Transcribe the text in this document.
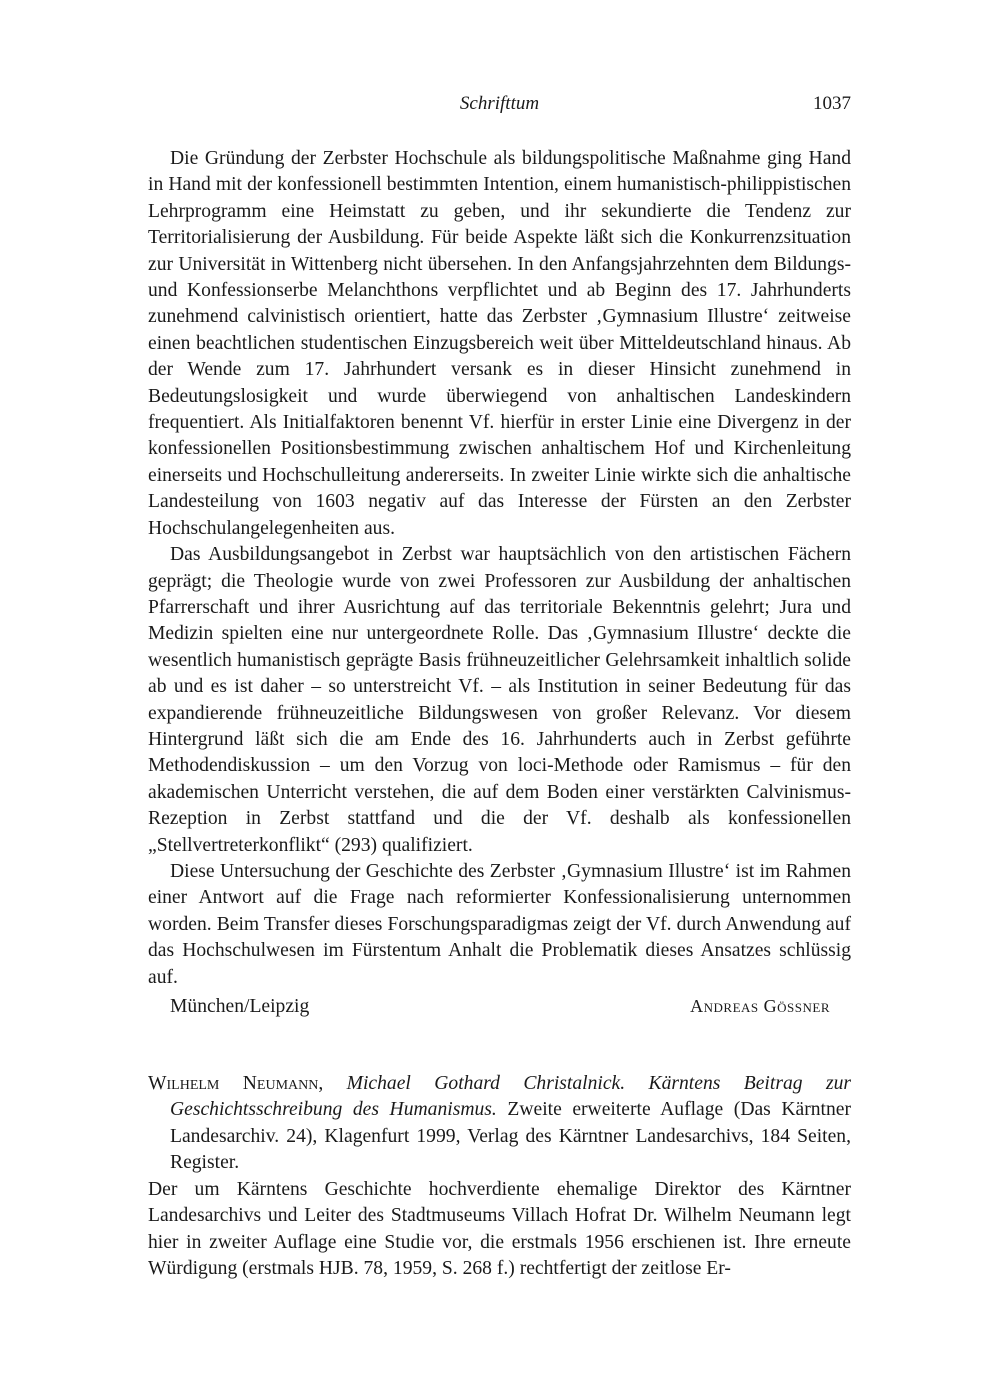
Schrifttum	1037

Die Gründung der Zerbster Hochschule als bildungspolitische Maßnahme ging Hand in Hand mit der konfessionell bestimmten Intention, einem humanistisch-philippistischen Lehrprogramm eine Heimstatt zu geben, und ihr sekundierte die Tendenz zur Territorialisierung der Ausbildung. Für beide Aspekte läßt sich die Konkurrenzsituation zur Universität in Wittenberg nicht übersehen. In den Anfangsjahrzehnten dem Bildungs- und Konfessionserbe Melanchthons verpflichtet und ab Beginn des 17. Jahrhunderts zunehmend calvinistisch orientiert, hatte das Zerbster ‚Gymnasium Illustre‘ zeitweise einen beachtlichen studentischen Einzugsbereich weit über Mitteldeutschland hinaus. Ab der Wende zum 17. Jahrhundert versank es in dieser Hinsicht zunehmend in Bedeutungslosigkeit und wurde überwiegend von anhaltischen Landeskindern frequentiert. Als Initialfaktoren benennt Vf. hierfür in erster Linie eine Divergenz in der konfessionellen Positionsbestimmung zwischen anhaltischem Hof und Kirchenleitung einerseits und Hochschulleitung andererseits. In zweiter Linie wirkte sich die anhaltische Landesteilung von 1603 negativ auf das Interesse der Fürsten an den Zerbster Hochschulangelegenheiten aus.

Das Ausbildungsangebot in Zerbst war hauptsächlich von den artistischen Fächern geprägt; die Theologie wurde von zwei Professoren zur Ausbildung der anhaltischen Pfarrerschaft und ihrer Ausrichtung auf das territoriale Bekenntnis gelehrt; Jura und Medizin spielten eine nur untergeordnete Rolle. Das ‚Gymnasium Illustre‘ deckte die wesentlich humanistisch geprägte Basis frühneuzeitlicher Gelehrsamkeit inhaltlich solide ab und es ist daher – so unterstreicht Vf. – als Institution in seiner Bedeutung für das expandierende frühneuzeitliche Bildungswesen von großer Relevanz. Vor diesem Hintergrund läßt sich die am Ende des 16. Jahrhunderts auch in Zerbst geführte Methodendiskussion – um den Vorzug von loci-Methode oder Ramismus – für den akademischen Unterricht verstehen, die auf dem Boden einer verstärkten Calvinismus-Rezeption in Zerbst stattfand und die der Vf. deshalb als konfessionellen „Stellvertreterkonflikt“ (293) qualifiziert.

Diese Untersuchung der Geschichte des Zerbster ‚Gymnasium Illustre‘ ist im Rahmen einer Antwort auf die Frage nach reformierter Konfessionalisierung unternommen worden. Beim Transfer dieses Forschungsparadigmas zeigt der Vf. durch Anwendung auf das Hochschulwesen im Fürstentum Anhalt die Problematik dieses Ansatzes schlüssig auf.

München/Leipzig	Andreas Gössner
Wilhelm Neumann, Michael Gothard Christalnick. Kärntens Beitrag zur Geschichtsschreibung des Humanismus. Zweite erweiterte Auflage (Das Kärntner Landesarchiv. 24), Klagenfurt 1999, Verlag des Kärntner Landesarchivs, 184 Seiten, Register.

Der um Kärntens Geschichte hochverdiente ehemalige Direktor des Kärntner Landesarchivs und Leiter des Stadtmuseums Villach Hofrat Dr. Wilhelm Neumann legt hier in zweiter Auflage eine Studie vor, die erstmals 1956 erschienen ist. Ihre erneute Würdigung (erstmals HJB. 78, 1959, S. 268 f.) rechtfertigt der zeitlose Er-
